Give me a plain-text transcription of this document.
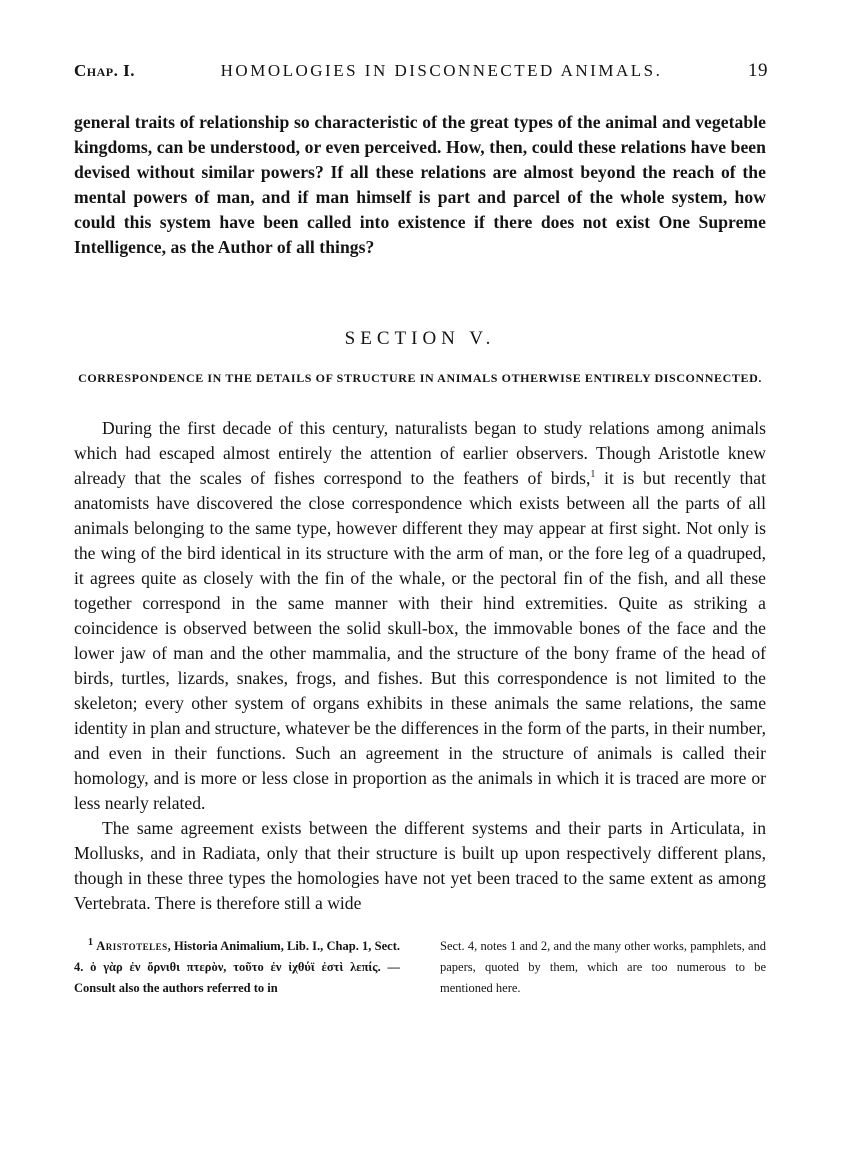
Chap. I.	HOMOLOGIES IN DISCONNECTED ANIMALS.	19

general traits of relationship so characteristic of the great types of the animal and vegetable kingdoms, can be understood, or even perceived. How, then, could these relations have been devised without similar powers? If all these relations are almost beyond the reach of the mental powers of man, and if man himself is part and parcel of the whole system, how could this system have been called into existence if there does not exist One Supreme Intelligence, as the Author of all things?

SECTION V.
CORRESPONDENCE IN THE DETAILS OF STRUCTURE IN ANIMALS OTHERWISE ENTIRELY DISCONNECTED.

During the first decade of this century, naturalists began to study relations among animals which had escaped almost entirely the attention of earlier observers. Though Aristotle knew already that the scales of fishes correspond to the feathers of birds,$^1$ it is but recently that anatomists have discovered the close correspondence which exists between all the parts of all animals belonging to the same type, however different they may appear at first sight. Not only is the wing of the bird identical in its structure with the arm of man, or the fore leg of a quadruped, it agrees quite as closely with the fin of the whale, or the pectoral fin of the fish, and all these together correspond in the same manner with their hind extremities. Quite as striking a coincidence is observed between the solid skull-box, the immovable bones of the face and the lower jaw of man and the other mammalia, and the structure of the bony frame of the head of birds, turtles, lizards, snakes, frogs, and fishes. But this correspondence is not limited to the skeleton; every other system of organs exhibits in these animals the same relations, the same identity in plan and structure, whatever be the differences in the form of the parts, in their number, and even in their functions. Such an agreement in the structure of animals is called their homology, and is more or less close in proportion as the animals in which it is traced are more or less nearly related.

The same agreement exists between the different systems and their parts in Articulata, in Mollusks, and in Radiata, only that their structure is built up upon respectively different plans, though in these three types the homologies have not yet been traced to the same extent as among Vertebrata. There is therefore still a wide

$^1$ Aristoteles, Historia Animalium, Lib. I., Chap. 1, Sect. 4. ὁ γὰρ ἐν ὄρνιθι πτερὸν, τοῦτο ἐν ἰχθύϊ ἐστὶ λεπίς. — Consult also the authors referred to in
Sect. 4, notes 1 and 2, and the many other works, pamphlets, and papers, quoted by them, which are too numerous to be mentioned here.
